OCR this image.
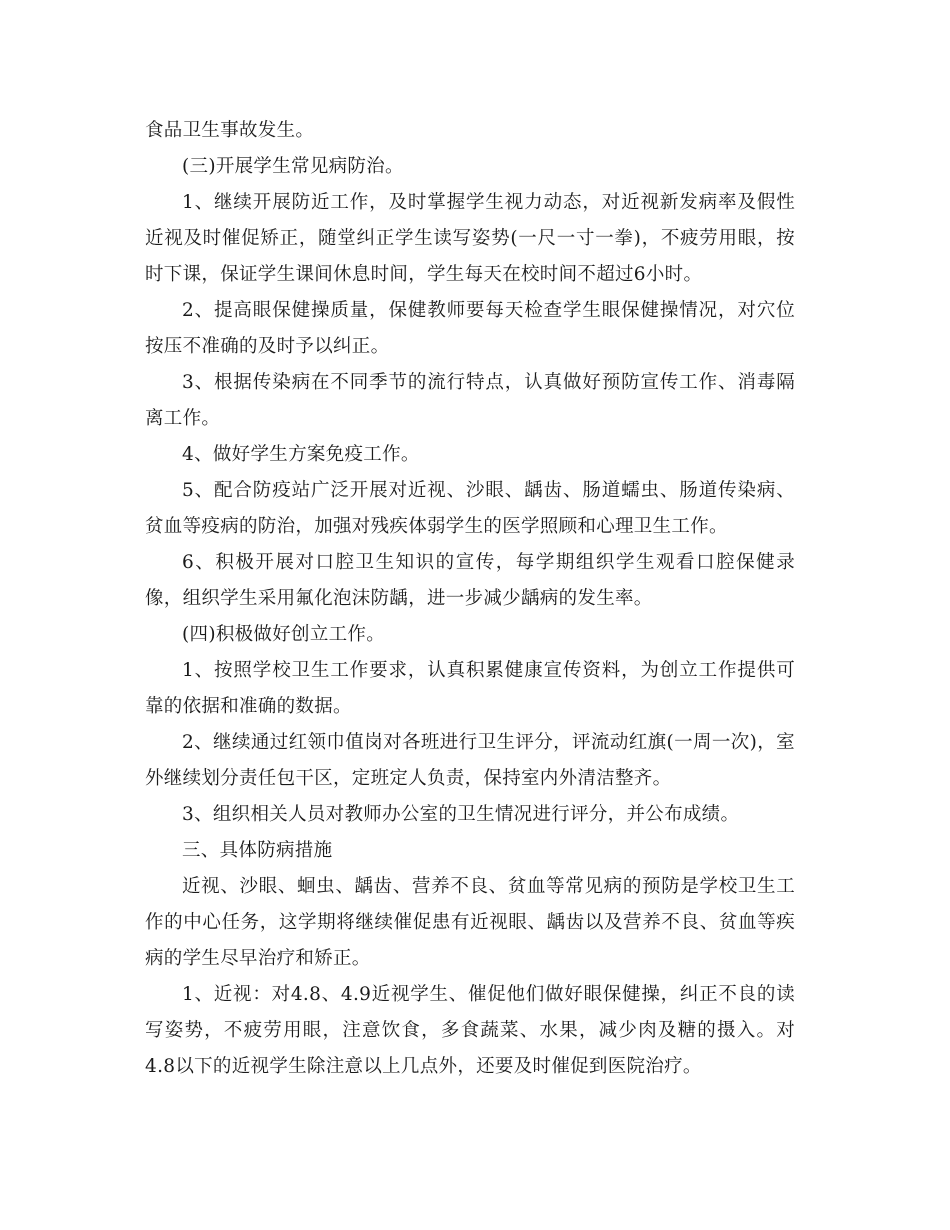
食品卫生事故发生。

(三)开展学生常见病防治。

1、继续开展防近工作，及时掌握学生视力动态，对近视新发病率及假性近视及时催促矫正，随堂纠正学生读写姿势(一尺一寸一拳)，不疲劳用眼，按时下课，保证学生课间休息时间，学生每天在校时间不超过6小时。

2、提高眼保健操质量，保健教师要每天检查学生眼保健操情况，对穴位按压不准确的及时予以纠正。

3、根据传染病在不同季节的流行特点，认真做好预防宣传工作、消毒隔离工作。

4、做好学生方案免疫工作。

5、配合防疫站广泛开展对近视、沙眼、龋齿、肠道蠕虫、肠道传染病、贫血等疫病的防治，加强对残疾体弱学生的医学照顾和心理卫生工作。

6、积极开展对口腔卫生知识的宣传，每学期组织学生观看口腔保健录像，组织学生采用氟化泡沫防龋，进一步减少龋病的发生率。

(四)积极做好创立工作。

1、按照学校卫生工作要求，认真积累健康宣传资料，为创立工作提供可靠的依据和准确的数据。

2、继续通过红领巾值岗对各班进行卫生评分，评流动红旗(一周一次)，室外继续划分责任包干区，定班定人负责，保持室内外清洁整齐。

3、组织相关人员对教师办公室的卫生情况进行评分，并公布成绩。

三、具体防病措施

近视、沙眼、蛔虫、龋齿、营养不良、贫血等常见病的预防是学校卫生工作的中心任务，这学期将继续催促患有近视眼、龋齿以及营养不良、贫血等疾病的学生尽早治疗和矫正。

1、近视：对4.8、4.9近视学生、催促他们做好眼保健操，纠正不良的读写姿势，不疲劳用眼，注意饮食，多食蔬菜、水果，减少肉及糖的摄入。对4.8以下的近视学生除注意以上几点外，还要及时催促到医院治疗。
